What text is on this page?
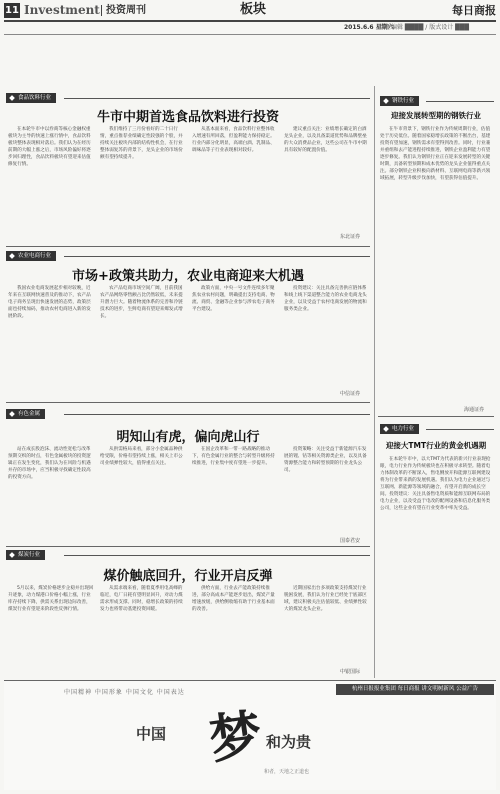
11 Investment 投资周刊	板块	每日商报
2015.6.6 星期六
责任编辑 ████ / 版式设计 ███
食品饮料行业
牛市中期首选食品饮料进行投资

在本轮牛市中以券商等核心金融权重板块为主导的快速上涨行情中，食品饮料板块整体表现相对落后。我们认为在经历前期的大幅上涨之后，市场风险偏好将逐步回归理性，食品饮料板块有望迎来估值修复行情。

我们维持了三月份看好的二十日行情，重点推荐业绩确定性较强的个股，并持续关注板块内部的结构性机会，在行业整体弱复苏的背景下，龙头企业的市场份额有望持续提升。

从基本面来看，食品饮料行业整体收入增速有所回落，但盈利能力保持稳定。行业内部分化明显，高端白酒、乳制品、调味品等子行业表现相对较好。

建议重点关注：业绩增长确定的白酒龙头企业，以及具备渠道优势和品牌壁垒的大众消费品企业，这些公司在牛市中期具有较好的配置价值。

东北证券
农业电商行业
市场+政策共助力，农业电商迎来大机遇

我国农业电商发展起步相对较晚，近年来在互联网快速普及的推动下，农产品电子商务呈现出快速发展的态势，政策层面也持续加码，推动农村电商进入新的发展阶段。

农产品电商市场空间广阔，目前我国农产品网络零售额占比仍然较低，未来提升潜力巨大。随着物流体系的完善和冷链技术的进步，生鲜电商有望迎来爆发式增长。

政策方面，中央一号文件连续多年聚焦农业农村问题，明确提出支持电商、物流、商贸、金融等企业参与涉农电子商务平台建设。

投资建议：关注具备完善供应链体系和线上线下渠道整合能力的农业电商龙头企业，以及受益于农村电商发展的物流和服务类企业。

中信证券
有色金属
明知山有虎，偏向虎山行

站在成长股泡沫、流动性宽松与改革预期交织的时点，有色金属板块的投资逻辑正在发生变化，我们认为在风险与机遇并存的市场中，应当积极寻找确定性较高的投资方向。

从供需格局来看，部分小金属品种供给受限，价格有望持续上涨，相关上市公司业绩弹性较大，值得重点关注。

在国企改革和一带一路战略的推动下，有色金属行业的整合与转型升级将持续推进，行业集中度有望进一步提升。

投资策略：关注受益于新能源汽车发展的锂、钴等相关资源类企业，以及具备资源整合能力和转型预期的行业龙头公司。

国泰君安
煤炭行业
煤价触底回升，行业开启反弹

5月以来，煤炭价格逐步企稳并出现回升迹象，动力煤港口价格小幅上涨，行业库存持续下降，供需关系出现边际改善，煤炭行业有望迎来阶段性反弹行情。

从需求端来看，随着夏季用电高峰的临近，电厂日耗有望明显回升，对动力煤需求形成支撑。同时，稳增长政策的持续发力也将带动基建投资回暖。

供给方面，行业去产能政策持续推进，部分高成本产能逐步退出，煤炭产量增速放缓，供给侧收缩有助于行业基本面的改善。

近期国家出台多项政策支持煤炭行业脱困发展，我们认为行业已经处于底部区域，建议积极关注估值较低、业绩弹性较大的煤炭龙头企业。

中银国际
钢铁行业
迎接发展转型期的钢铁行业

在牛市背景下，钢铁行业作为传统周期行业，估值处于历史低位。随着国家稳增长政策的不断出台，基建投资有望加速，钢铁需求有望得到改善。同时，行业兼并重组和去产能进程持续推进，钢铁企业盈利能力有望逐步修复。我们认为钢铁行业正在迎来发展转型的关键时期，具备转型预期和成本优势的龙头企业值得重点关注。部分钢铁企业积极向新材料、互联网电商等新兴领域拓展，转型升级步伐加快，有望获得估值提升。

海通证券
电力行业
迎接大TMT行业的黄金机遇期

在本轮牛市中，以大TMT为代表的新兴行业表现抢眼，电力行业作为传统板块也在积极寻求转型。随着电力体制改革的不断深入，售电侧放开和能源互联网建设将为行业带来新的发展机遇。我们认为电力企业通过与互联网、新能源等领域的融合，有望开启新的成长空间。投资建议：关注具备售电资质和能源互联网布局的电力企业，以及受益于电改的配网设备和信息化服务类公司，这些企业有望在行业变革中率先受益。

中国精神 中国形象 中国文化 中国表达	杭州日报报业集团 每日商报 讲文明树新风 公益广告
中国 梦 和为贵
和者，天地之正道也
